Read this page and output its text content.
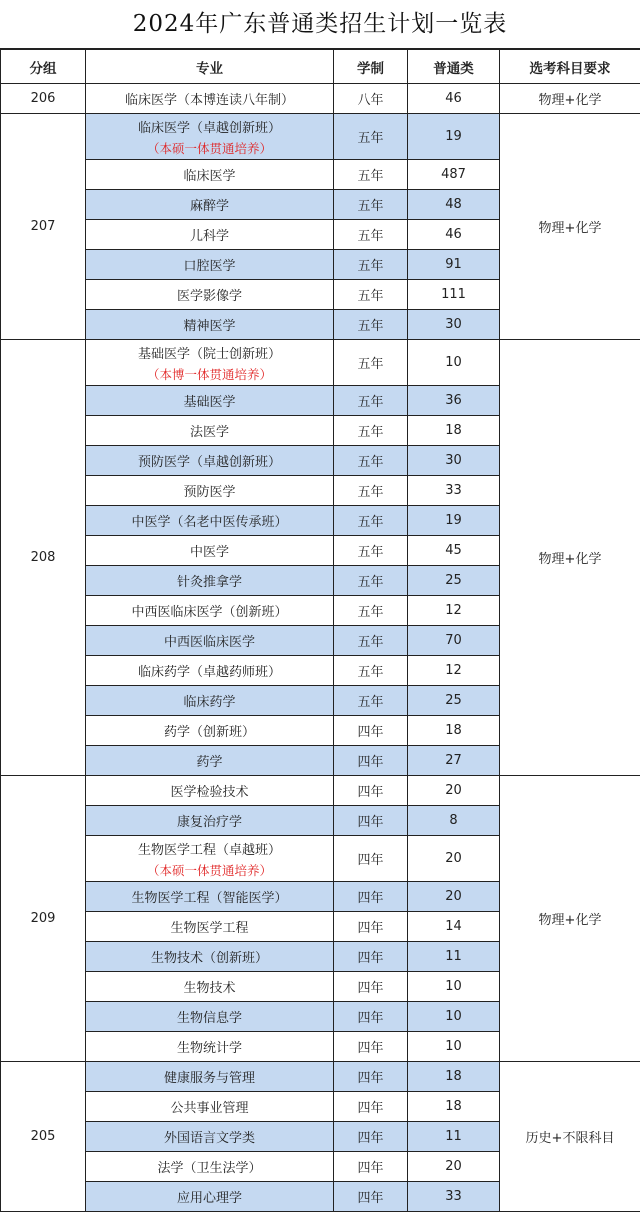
2024年广东普通类招生计划一览表
分组	专业	学制	普通类	选考科目要求
206	临床医学（本博连读八年制）	八年	46	物理+化学
207	临床医学（卓越创新班）
（本硕一体贯通培养）	五年	19	物理+化学

	临床医学	五年	487	

	麻醉学	五年	48	

	儿科学	五年	46	

	口腔医学	五年	91	

	医学影像学	五年	111	

	精神医学	五年	30	
208	基础医学（院士创新班）
（本博一体贯通培养）	五年	10	物理+化学

	基础医学	五年	36	

	法医学	五年	18	

	预防医学（卓越创新班）	五年	30	

	预防医学	五年	33	

	中医学（名老中医传承班）	五年	19	

	中医学	五年	45	

	针灸推拿学	五年	25	

	中西医临床医学（创新班）	五年	12	

	中西医临床医学	五年	70	

	临床药学（卓越药师班）	五年	12	

	临床药学	五年	25	

	药学（创新班）	四年	18	

	药学	四年	27	
209	医学检验技术	四年	20	物理+化学

	康复治疗学	四年	8	

	生物医学工程（卓越班）
（本硕一体贯通培养）	四年	20	

	生物医学工程（智能医学）	四年	20	

	生物医学工程	四年	14	

	生物技术（创新班）	四年	11	

	生物技术	四年	10	

	生物信息学	四年	10	

	生物统计学	四年	10	
205	健康服务与管理	四年	18	历史+不限科目

	公共事业管理	四年	18	

	外国语言文学类	四年	11	

	法学（卫生法学）	四年	20	

	应用心理学	四年	33	
